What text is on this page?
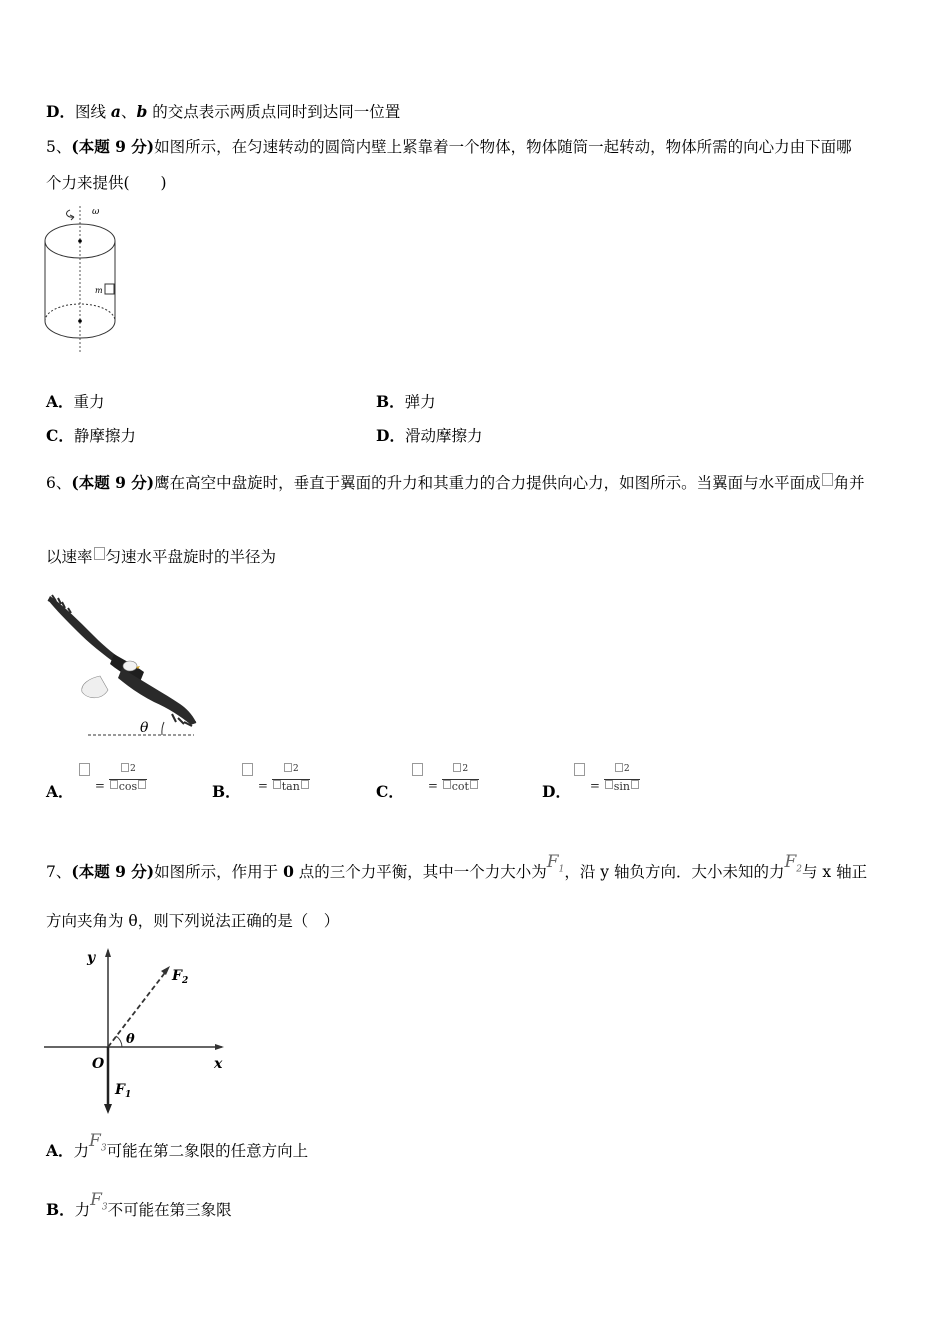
D．图线 a、b 的交点表示两质点同时到达同一位置
5、(本题 9 分)如图所示，在匀速转动的圆筒内壁上紧靠着一个物体，物体随筒一起转动，物体所需的向心力由下面哪
个力来提供(　　)
ω
m
A．重力	B．弹力
C．静摩擦力	D．滑动摩擦力
6、(本题 9 分)鹰在高空中盘旋时，垂直于翼面的升力和其重力的合力提供向心力，如图所示。当翼面与水平面成 角并
以速率 匀速水平盘旋时的半径为
θ
A．	= $\frac{^2}{\cos}$	B．	= $\frac{^2}{\tan}$	C．	= $\frac{^2}{\cot}$	D．	= $\frac{^2}{\sin}$
7、(本题 9 分)如图所示，作用于 0 点的三个力平衡，其中一个力大小为$F_1$，沿 y 轴负方向．大小未知的力$F_2$与 x 轴正
方向夹角为 θ，则下列说法正确的是（　）
x
y
$F_1$
O
$F_2$
θ
A．力$F_3$可能在第二象限的任意方向上
B．力$F_3$不可能在第三象限
